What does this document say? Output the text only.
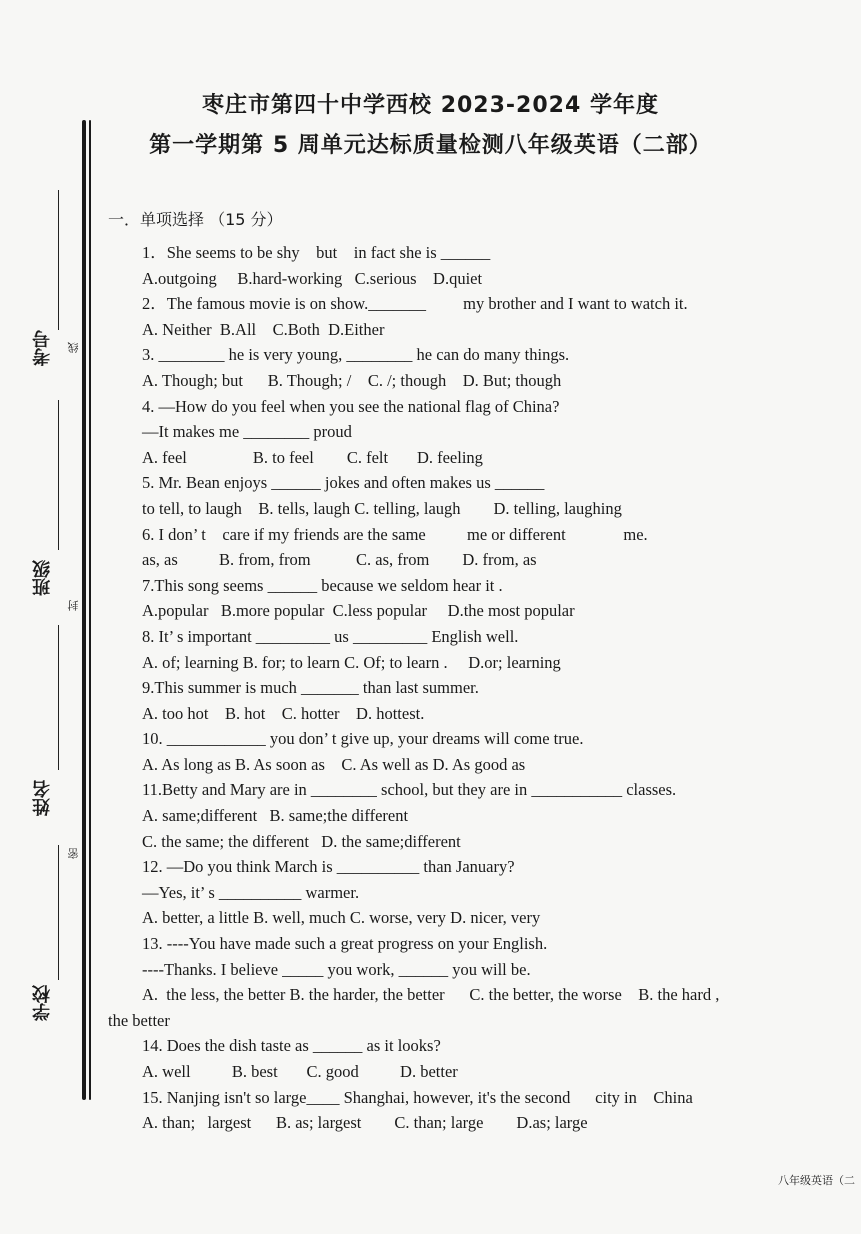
枣庄市第四十中学西校 2023-2024 学年度
第一学期第 5 周单元达标质量检测八年级英语（二部）
考号 线
班级
封
姓名
密
学校
一．单项选择 （15 分）
1．She seems to be shy    but    in fact she is ______
A.outgoing     B.hard-working   C.serious    D.quiet
2．The famous movie is on show._______         my brother and I want to watch it.
A. Neither  B.All    C.Both  D.Either
3. ________ he is very young, ________ he can do many things.
A. Though; but      B. Though; /    C. /; though    D. But; though
4. —How do you feel when you see the national flag of China?
—It makes me ________ proud
A. feel                B. to feel        C. felt       D. feeling
5. Mr. Bean enjoys ______ jokes and often makes us ______
to tell, to laugh    B. tells, laugh C. telling, laugh        D. telling, laughing
6. I don’ t    care if my friends are the same          me or different              me.
as, as          B. from, from           C. as, from        D. from, as
7.This song seems ______ because we seldom hear it .
A.popular   B.more popular  C.less popular     D.the most popular
8. It’ s important _________ us _________ English well.
A. of; learning B. for; to learn C. Of; to learn .     D.or; learning
9.This summer is much _______ than last summer.
A. too hot    B. hot    C. hotter    D. hottest.
10. ____________ you don’ t give up, your dreams will come true.
A. As long as B. As soon as    C. As well as D. As good as
11.Betty and Mary are in ________ school, but they are in ___________ classes.
A. same;different   B. same;the different
C. the same; the different   D. the same;different
12. —Do you think March is __________ than January?
—Yes, it’ s __________ warmer.
A. better, a little B. well, much C. worse, very D. nicer, very
13. ----You have made such a great progress on your English.
----Thanks. I believe _____ you work, ______ you will be.
A.  the less, the better B. the harder, the better      C. the better, the worse    B. the hard ,
the better
14. Does the dish taste as ______ as it looks?
A. well          B. best       C. good          D. better
15. Nanjing isn't so large____ Shanghai, however, it's the second      city in    China
A. than;   largest      B. as; largest        C. than; large        D.as; large
八年级英语（二
